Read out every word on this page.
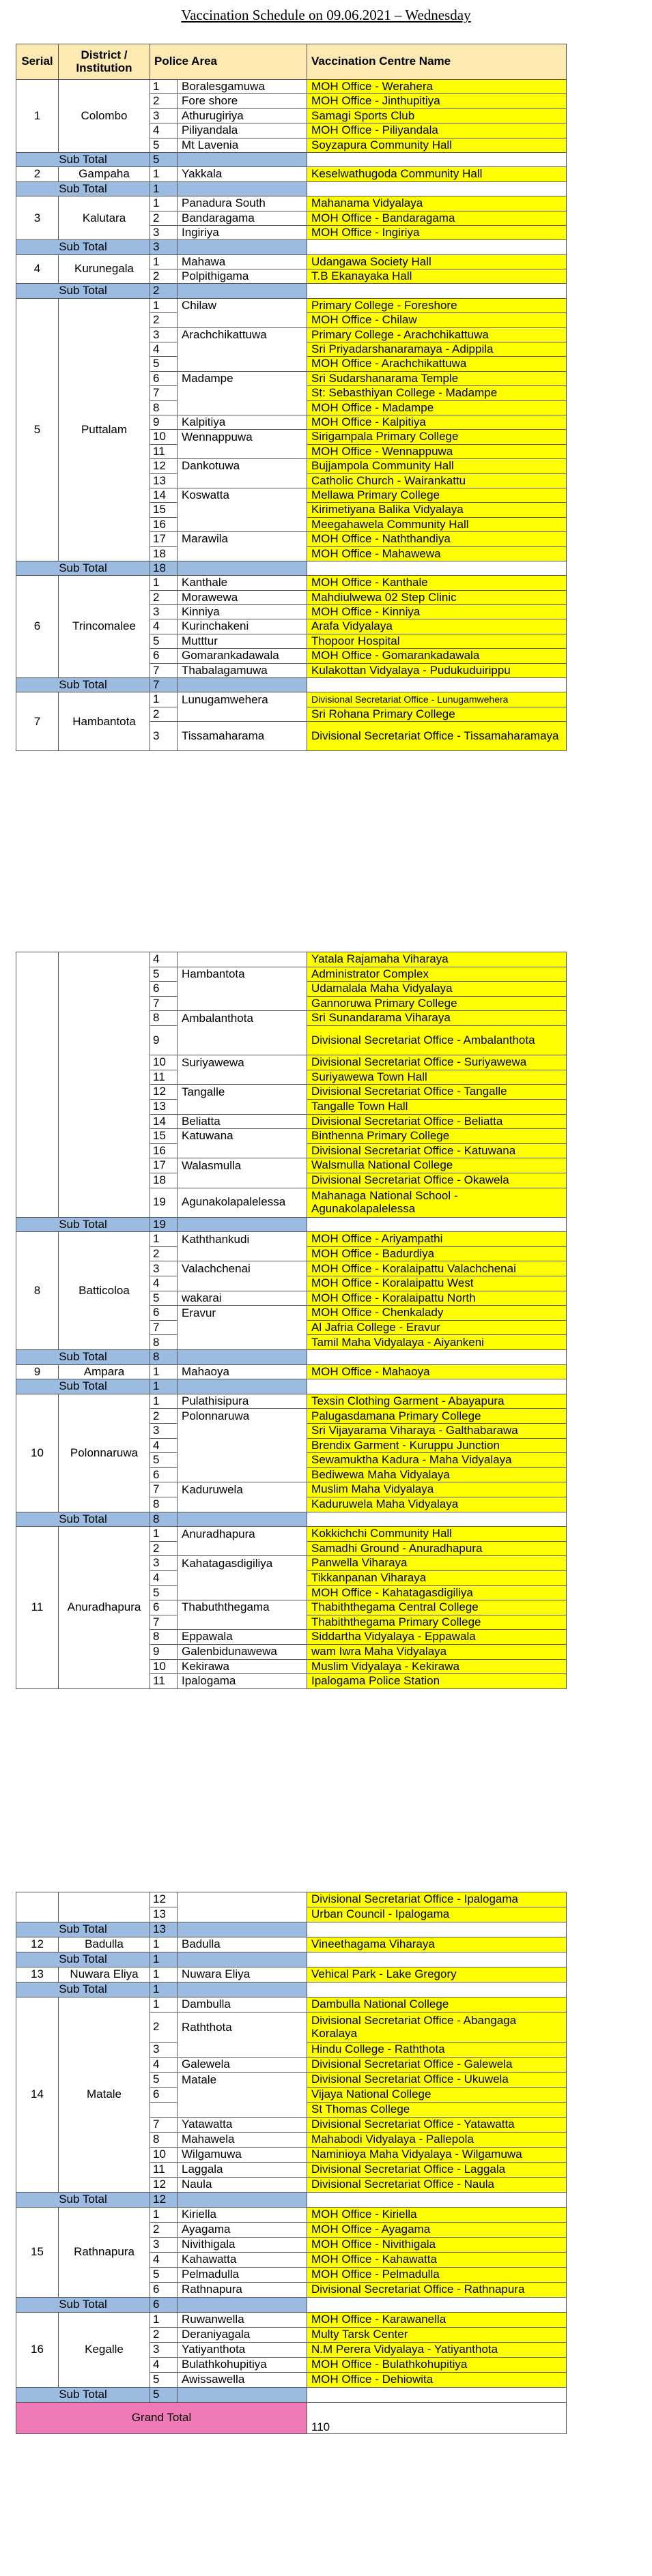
Vaccination Schedule on 09.06.2021 – Wednesday
Serial	District / Institution	Police Area		Vaccination Centre Name
1	Colombo	1	Boralesgamuwa	MOH Office - Werahera
		2	Fore shore	MOH Office - Jinthupitiya
		3	Athurugiriya	Samagi Sports Club
		4	Piliyandala	MOH Office - Piliyandala
		5	Mt Lavenia	Soyzapura Community Hall
Sub Total		5		
2	Gampaha	1	Yakkala	Keselwathugoda Community Hall
Sub Total		1		
3	Kalutara	1	Panadura South	Mahanama Vidyalaya
		2	Bandaragama	MOH Office - Bandaragama
		3	Ingiriya	MOH Office - Ingiriya
Sub Total		3		
4	Kurunegala	1	Mahawa	Udangawa Society Hall
		2	Polpithigama	T.B Ekanayaka Hall
Sub Total		2		
5	Puttalam	1	Chilaw	Primary College - Foreshore
		2		MOH Office - Chilaw
		3	Arachchikattuwa	Primary College - Arachchikattuwa
		4		Sri Priyadarshanaramaya - Adippila
		5		MOH Office - Arachchikattuwa
		6	Madampe	Sri Sudarshanarama Temple
		7		St: Sebasthiyan College - Madampe
		8		MOH Office - Madampe
		9	Kalpitiya	MOH Office - Kalpitiya
		10	Wennappuwa	Sirigampala Primary College
		11		MOH Office - Wennappuwa
		12	Dankotuwa	Bujjampola Community Hall
		13		Catholic Church - Wairankattu
		14	Koswatta	Mellawa Primary College
		15		Kirimetiyana Balika Vidyalaya
		16		Meegahawela Community Hall
		17	Marawila	MOH Office - Naththandiya
		18		MOH Office - Mahawewa
Sub Total		18		
6	Trincomalee	1	Kanthale	MOH Office - Kanthale
		2	Morawewa	Mahdiulwewa 02 Step Clinic
		3	Kinniya	MOH Office - Kinniya
		4	Kurinchakeni	Arafa Vidyalaya
		5	Mutttur	Thopoor Hospital
		6	Gomarankadawala	MOH Office - Gomarankadawala
		7	Thabalagamuwa	Kulakottan Vidyalaya - Pudukuduirippu
Sub Total		7		
7	Hambantota	1	Lunugamwehera	Divisional Secretariat Office - Lunugamwehera
		2		Sri Rohana Primary College
		3	Tissamaharama	Divisional Secretariat Office - Tissamaharamaya
		4		Yatala Rajamaha Viharaya
		5	Hambantota	Administrator Complex
		6		Udamalala Maha Vidyalaya
		7		Gannoruwa Primary College
		8	Ambalanthota	Sri Sunandarama Viharaya
		9		Divisional Secretariat Office - Ambalanthota
		10	Suriyawewa	Divisional Secretariat Office - Suriyawewa
		11		Suriyawewa Town Hall
		12	Tangalle	Divisional Secretariat Office - Tangalle
		13		Tangalle Town Hall
		14	Beliatta	Divisional Secretariat Office - Beliatta
		15	Katuwana	Binthenna Primary College
		16		Divisional Secretariat Office - Katuwana
		17	Walasmulla	Walsmulla National College
		18		Divisional Secretariat Office - Okawela
		19	Agunakolapalelessa	Mahanaga National School - Agunakolapalelessa
Sub Total		19		
8	Batticoloa	1	Kaththankudi	MOH Office - Ariyampathi
		2		MOH Office - Badurdiya
		3	Valachchenai	MOH Office - Koralaipattu Valachchenai
		4		MOH Office - Koralaipattu West
		5	wakarai	MOH Office - Koralaipattu North
		6	Eravur	MOH Office - Chenkalady
		7		Al Jafria College - Eravur
		8		Tamil Maha Vidyalaya - Aiyankeni
Sub Total		8		
9	Ampara	1	Mahaoya	MOH Office - Mahaoya
Sub Total		1		
10	Polonnaruwa	1	Pulathisipura	Texsin Clothing Garment - Abayapura
		2	Polonnaruwa	Palugasdamana Primary College
		3		Sri Vijayarama Viharaya - Galthabarawa
		4		Brendix Garment - Kuruppu Junction
		5		Sewamuktha Kadura - Maha Vidyalaya
		6		Bediwewa Maha Vidyalaya
		7	Kaduruwela	Muslim Maha Vidyalaya
		8		Kaduruwela Maha Vidyalaya
Sub Total		8		
11	Anuradhapura	1	Anuradhapura	Kokkichchi Community Hall
		2		Samadhi Ground - Anuradhapura
		3	Kahatagasdigiliya	Panwella Viharaya
		4		Tikkanpanan Viharaya
		5		MOH Office - Kahatagasdigiliya
		6	Thabuththegama	Thabiththegama Central College
		7		Thabiththegama Primary College
		8	Eppawala	Siddartha Vidyalaya - Eppawala
		9	Galenbidunawewa	wam Iwra Maha Vidyalaya
		10	Kekirawa	Muslim Vidyalaya - Kekirawa
		11	Ipalogama	Ipalogama Police Station
		12		Divisional Secretariat Office - Ipalogama
		13		Urban Council - Ipalogama
Sub Total		13		
12	Badulla	1	Badulla	Vineethagama Viharaya
Sub Total		1		
13	Nuwara Eliya	1	Nuwara Eliya	Vehical Park - Lake Gregory
Sub Total		1		
14	Matale	1	Dambulla	Dambulla National College
		2	Raththota	Divisional Secretariat Office - Abangaga Koralaya
		3		Hindu College - Raththota
		4	Galewela	Divisional Secretariat Office - Galewela
		5	Matale	Divisional Secretariat Office - Ukuwela
		6		Vijaya National College
				St Thomas College
		7	Yatawatta	Divisional Secretariat Office - Yatawatta
		8	Mahawela	Mahabodi Vidyalaya - Pallepola
		10	Wilgamuwa	Naminioya Maha Vidyalaya - Wilgamuwa
		11	Laggala	Divisional Secretariat Office - Laggala
		12	Naula	Divisional Secretariat Office - Naula
Sub Total		12		
15	Rathnapura	1	Kiriella	MOH Office - Kiriella
		2	Ayagama	MOH Office - Ayagama
		3	Nivithigala	MOH Office - Nivithigala
		4	Kahawatta	MOH Office - Kahawatta
		5	Pelmadulla	MOH Office - Pelmadulla
		6	Rathnapura	Divisional Secretariat Office - Rathnapura
Sub Total		6		
16	Kegalle	1	Ruwanwella	MOH Office - Karawanella
		2	Deraniyagala	Multy Tarsk Center
		3	Yatiyanthota	N.M Perera Vidyalaya - Yatiyanthota
		4	Bulathkohupitiya	MOH Office - Bulathkohupitiya
		5	Awissawella	MOH Office - Dehiowita
Sub Total		5		
Grand Total				110
